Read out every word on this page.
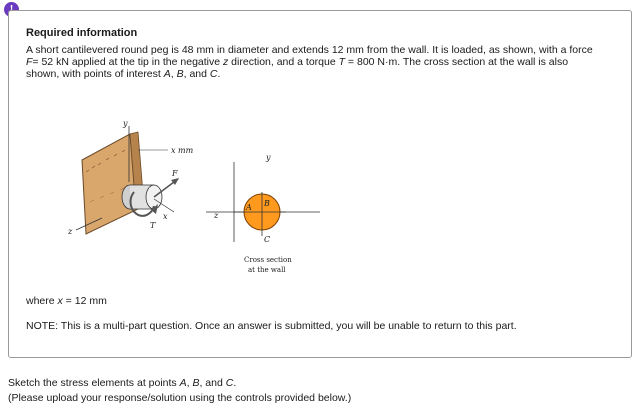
Required information
A short cantilevered round peg is 48 mm in diameter and extends 12 mm from the wall. It is loaded, as shown, with a force
F= 52 kN applied at the tip in the negative z direction, and a torque T = 800 N·m. The cross section at the wall is also
shown, with points of interest A, B, and C.
y
x mm
F
T
x
z
y
z
A B
C
Cross section
at the wall
where x = 12 mm
NOTE: This is a multi-part question. Once an answer is submitted, you will be unable to return to this part.
Sketch the stress elements at points A, B, and C.
(Please upload your response/solution using the controls provided below.)
